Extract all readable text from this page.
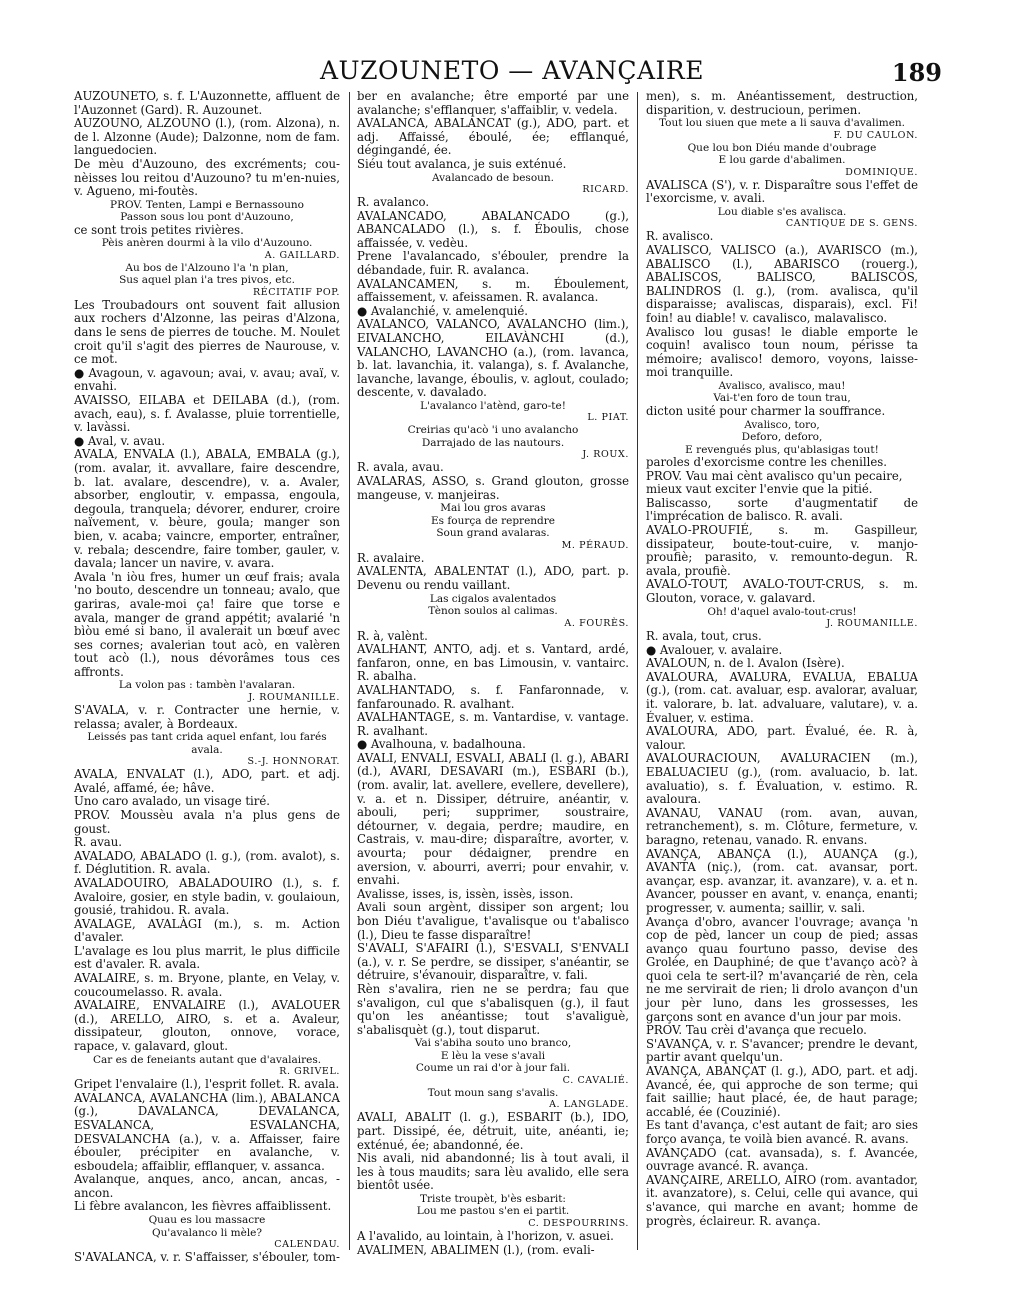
AUZOUNETO — AVANÇAIRE	189

AUZOUNETO, s. f. L'Auzonnette, affluent de l'Auzonnet (Gard). R. Auzounet.

AUZOUNO, ALZOUNO (l.), (rom. Alzona), n. de l. Alzonne (Aude); Dalzonne, nom de fam. languedocien.

De mèu d'Auzouno, des excréments; cou-nèisses lou reitou d'Auzouno? tu m'en-nuies, v. Agueno, mi-foutès.

PROV. Tenten, Lampi e Bernassouno

Passon sous lou pont d'Auzouno,

ce sont trois petites rivières.

Pèis anèren dourmi à la vilo d'Auzouno.

A. GAILLARD.

Au bos de l'Alzouno l'a 'n plan,

Sus aquel plan i'a tres pivos, etc.

RÉCITATIF POP.

Les Troubadours ont souvent fait allusion aux rochers d'Alzonne, las peiras d'Alzona, dans le sens de pierres de touche. M. Noulet croit qu'il s'agit des pierres de Naurouse, v. ce mot.

● Avagoun, v. agavoun; avai, v. avau; avaï, v. envahi.

AVAISSO, EILABA et DEILABA (d.), (rom. avach, eau), s. f. Avalasse, pluie torrentielle, v. lavàssi.

● Aval, v. avau.

AVALA, ENVALA (l.), ABALA, EMBALA (g.), (rom. avalar, it. avvallare, faire descendre, b. lat. avalare, descendre), v. a. Avaler, absorber, engloutir, v. empassa, engoula, degoula, tranquela; dévorer, endurer, croire naïvement, v. bèure, goula; manger son bien, v. acaba; vaincre, emporter, entraîner, v. rebala; descendre, faire tomber, gauler, v. davala; lancer un navire, v. avara.

Avala 'n iòu fres, humer un œuf frais; avala 'no bouto, descendre un tonneau; avalo, que gariras, avale-moi ça! faire que torse e avala, manger de grand appétit; avalarié 'n bìòu emé si bano, il avalerait un bœuf avec ses cornes; avalerian tout acò, en valèren tout acò (l.), nous dévorâmes tous ces affronts.

La volon pas : tambèn l'avalaran.

J. ROUMANILLE.

S'AVALA, v. r. Contracter une hernie, v. relassa; avaler, à Bordeaux.

Leissés pas tant crida aquel enfant, lou farés avala.

S.-J. HONNORAT.

AVALA, ENVALAT (l.), ADO, part. et adj. Avalé, affamé, ée; hâve.

Uno caro avalado, un visage tiré.

PROV. Moussèu avala n'a plus gens de goust.

R. avau.

AVALADO, ABALADO (l. g.), (rom. avalot), s. f. Déglutition. R. avala.

AVALADOUIRO, ABALADOUIRO (l.), s. f. Avaloire, gosier, en style badin, v. goulaioun, gousié, trahidou. R. avala.

AVALAGE, AVALÀGI (m.), s. m. Action d'avaler.

L'avalage es lou plus marrit, le plus difficile est d'avaler. R. avala.

AVALAIRE, s. m. Bryone, plante, en Velay, v. coucoumelasso. R. avala.

AVALAIRE, ENVALAIRE (l.), AVALOUER (d.), ARELLO, AIRO, s. et a. Avaleur, dissipateur, glouton, onnove, vorace, rapace, v. galavard, glout.

Car es de feneiants autant que d'avalaires.

R. GRIVEL.

Gripet l'envalaire (l.), l'esprit follet. R. avala.

AVALANCA, AVALANCHA (lim.), ABALANCA (g.), DAVALANCA, DEVALANCA, ESVALANCA, ESVALANCHA, DESVALANCHA (a.), v. a. Affaisser, faire ébouler, précipiter en avalanche, v. esboudela; affaiblir, efflanquer, v. assanca.

Avalanque, anques, anco, ancan, ancas, -ancon.

Li fèbre avalancon, les fièvres affaiblissent.

Quau es lou massacre

Qu'avalanco li mèle?

CALENDAU.

S'AVALANCA, v. r. S'affaisser, s'ébouler, tom-

ber en avalanche; être emporté par une avalanche; s'efflanquer, s'affaiblir, v. vedela.

AVALANCA, ABALANCAT (g.), ADO, part. et adj. Affaissé, éboulé, ée; efflanqué, dégingandé, ée.

Siéu tout avalanca, je suis exténué.

Avalancado de besoun.

RICARD.

R. avalanco.

AVALANCADO, ABALANCADO (g.), ABANCALADO (l.), s. f. Éboulis, chose affaissée, v. vedèu.

Prene l'avalancado, s'ébouler, prendre la débandade, fuir. R. avalanca.

AVALANCAMEN, s. m. Éboulement, affaissement, v. afeissamen. R. avalanca.

● Avalanchié, v. amelenquié.

AVALANCO, VALANCO, AVALANCHO (lim.), EIVALANCHO, EILAVÀNCHI (d.), VALANCHO, LAVANCHO (a.), (rom. lavanca, b. lat. lavanchia, it. valanga), s. f. Avalanche, lavanche, lavange, éboulis, v. aglout, coulado; descente, v. davalado.

L'avalanco l'atènd, garo-te!

L. PIAT.

Creirias qu'acò 'i uno avalancho

Darrajado de las nautours.

J. ROUX.

R. avala, avau.

AVALARAS, ASSO, s. Grand glouton, grosse mangeuse, v. manjeiras.

Mai lou gros avaras

Es fourça de reprendre

Soun grand avalaras.

M. PÉRAUD.

R. avalaire.

AVALENTA, ABALENTAT (l.), ADO, part. p. Devenu ou rendu vaillant.

Las cigalos avalentados

Tènon soulos al calimas.

A. FOURÈS.

R. à, valènt.

AVALHANT, ANTO, adj. et s. Vantard, ardé, fanfaron, onne, en bas Limousin, v. vantairc. R. abalha.

AVALHANTADO, s. f. Fanfaronnade, v. fanfarounado. R. avalhant.

AVALHANTAGE, s. m. Vantardise, v. vantage. R. avalhant.

● Avalhouna, v. badalhouna.

AVALI, ENVALI, ESVALI, ABALI (l. g.), ABARI (d.), AVARI, DESAVARI (m.), ESBARI (b.), (rom. avalir, lat. avellere, evellere, devellere), v. a. et n. Dissiper, détruire, anéantir, v. abouli, peri; supprimer, soustraire, détourner, v. degaia, perdre; maudire, en Castrais, v. mau-dire; disparaître, avorter, v. avourta; pour dédaigner, prendre en aversion, v. abourri, averri; pour envahir, v. envahi.

Avalisse, isses, is, issèn, issès, isson.

Avali soun argènt, dissiper son argent; lou bon Diéu t'avaligue, t'avalisque ou t'abalisco (l.), Dieu te fasse disparaître!

S'AVALI, S'AFAIRI (l.), S'ESVALI, S'ENVALI (a.), v. r. Se perdre, se dissiper, s'anéantir, se détruire, s'évanouir, disparaître, v. fali.

Rèn s'avalira, rien ne se perdra; fau que s'avaligon, cul que s'abalisquen (g.), il faut qu'on les anéantisse; tout s'avaliguè, s'abalisquèt (g.), tout disparut.

Vai s'abiha souto uno branco,

E lèu la vese s'avali

Coume un rai d'or à jour fali.

C. CAVALIÉ.

Tout moun sang s'avalis.

A. LANGLADE.

AVALI, ABALIT (l. g.), ESBARIT (b.), IDO, part. Dissipé, ée, détruit, uite, anéanti, ie; exténué, ée; abandonné, ée.

Nis avali, nid abandonné; lis à tout avali, il les à tous maudits; sara lèu avalido, elle sera bientôt usée.

Triste troupèt, b'ès esbarit:

Lou me pastou s'en ei partit.

C. DESPOURRINS.

A l'avalido, au lointain, à l'horizon, v. asuei.

AVALIMEN, ABALIMEN (l.), (rom. evali-

men), s. m. Anéantissement, destruction, disparition, v. destrucioun, perimen.

Tout lou siuen que mete a li sauva d'avalimen.

F. DU CAULON.

Que lou bon Diéu mande d'oubrage

E lou garde d'abalimen.

DOMINIQUE.

AVALISCA (S'), v. r. Disparaître sous l'effet de l'exorcisme, v. avali.

Lou diable s'es avalisca.

CANTIQUE DE S. GENS.

R. avalisco.

AVALISCO, VALISCO (a.), AVARISCO (m.), ABALISCO (l.), ABARISCO (rouerg.), ABALISCOS, BALISCO, BALISCOS, BALINDROS (l. g.), (rom. avalisca, qu'il disparaisse; avaliscas, disparais), excl. Fi! foin! au diable! v. cavalisco, malavalisco.

Avalisco lou gusas! le diable emporte le coquin! avalisco toun noum, périsse ta mémoire; avalisco! demoro, voyons, laisse-moi tranquille.

Avalisco, avalisco, mau!

Vai-t'en foro de toun trau,

dicton usité pour charmer la souffrance.

Avalisco, toro,

Deforo, deforo,

E revengués plus, qu'ablasigas tout!

paroles d'exorcisme contre les chenilles.

PROV. Vau mai cènt avalisco qu'un pecaire,

mieux vaut exciter l'envie que la pitié.

Baliscasso, sorte d'augmentatif de l'imprécation de balisco. R. avali.

AVALO-PROUFIÉ, s. m. Gaspilleur, dissipateur, boute-tout-cuire, v. manjo-proufiè; parasito, v. remounto-degun. R. avala, proufiè.

AVALO-TOUT, AVALO-TOUT-CRUS, s. m. Glouton, vorace, v. galavard.

Oh! d'aquel avalo-tout-crus!

J. ROUMANILLE.

R. avala, tout, crus.

● Avalouer, v. avalaire.

AVALOUN, n. de l. Avalon (Isère).

AVALOURA, AVALURA, EVALUA, EBALUA (g.), (rom. cat. avaluar, esp. avalorar, avaluar, it. valorare, b. lat. advaluare, valutare), v. a. Évaluer, v. estima.

AVALOURA, ADO, part. Évalué, ée. R. à, valour.

AVALOURACIOUN, AVALURACIEN (m.), EBALUACIEU (g.), (rom. avaluacio, b. lat. avaluatio), s. f. Évaluation, v. estimo. R. avaloura.

AVANAU, VANAU (rom. avan, auvan, retranchement), s. m. Clôture, fermeture, v. baragno, retenau, vanado. R. envans.

AVANÇA, ABANÇA (l.), AUANÇA (g.), AVANTA (niç.), (rom. cat. avansar, port. avançar, esp. avanzar, it. avanzare), v. a. et n. Avancer, pousser en avant, v. enança, enanti; progresser, v. aumenta; saillir, v. sali.

Avança d'obro, avancer l'ouvrage; avança 'n cop de pèd, lancer un coup de pied; assas avanço quau fourtuno passo, devise des Grolée, en Dauphiné; de que t'avanço acò? à quoi cela te sert-il? m'avançarié de rèn, cela ne me servirait de rien; li drolo avançon d'un jour pèr luno, dans les grossesses, les garçons sont en avance d'un jour par mois.

PROV. Tau crèi d'avança que recuelo.

S'AVANÇA, v. r. S'avancer; prendre le devant, partir avant quelqu'un.

AVANÇA, ABANÇAT (l. g.), ADO, part. et adj. Avancé, ée, qui approche de son terme; qui fait saillie; haut placé, ée, de haut parage; accablé, ée (Couzinié).

Es tant d'avança, c'est autant de fait; aro sies forço avança, te voilà bien avancé. R. avans.

AVANÇADO (cat. avansada), s. f. Avancée, ouvrage avancé. R. avança.

AVANÇAIRE, ARELLO, AIRO (rom. avantador, it. avanzatore), s. Celui, celle qui avance, qui s'avance, qui marche en avant; homme de progrès, éclaireur. R. avança.
